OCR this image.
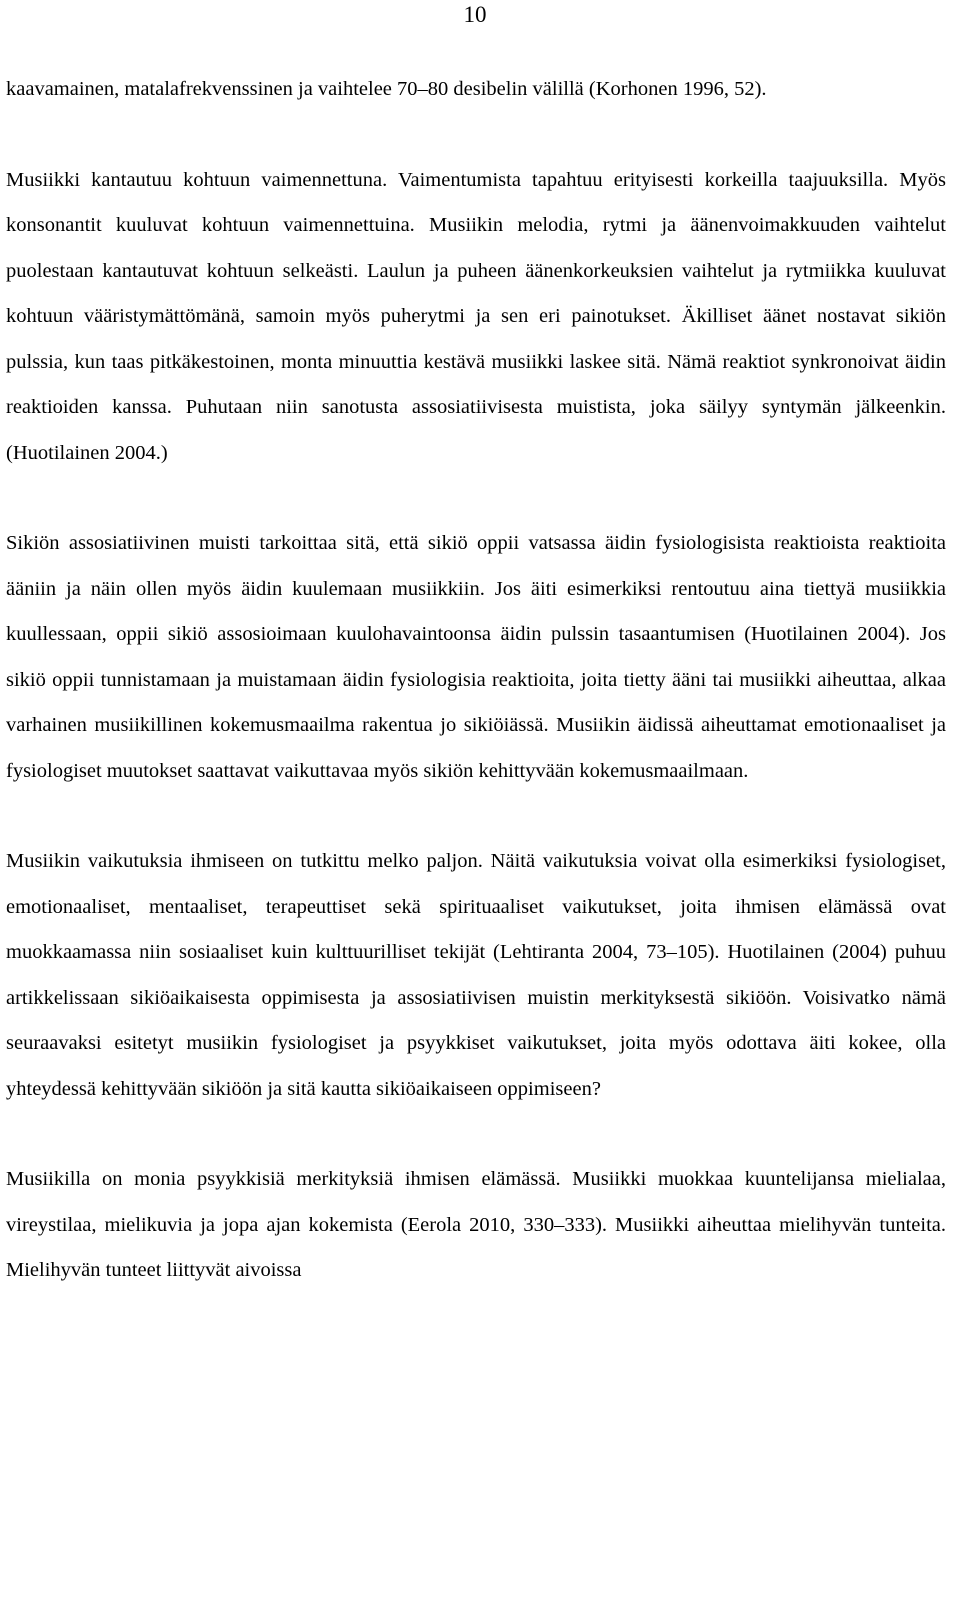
10

kaavamainen, matalafrekvenssinen ja vaihtelee 70–80 desibelin välillä (Korhonen 1996, 52).

Musiikki kantautuu kohtuun vaimennettuna. Vaimentumista tapahtuu erityisesti korkeilla taajuuksilla. Myös konsonantit kuuluvat kohtuun vaimennettuina. Musiikin melodia, rytmi ja äänenvoimakkuuden vaihtelut puolestaan kantautuvat kohtuun selkeästi. Laulun ja puheen äänenkorkeuksien vaihtelut ja rytmiikka kuuluvat kohtuun vääristymättömänä, samoin myös puherytmi ja sen eri painotukset. Äkilliset äänet nostavat sikiön pulssia, kun taas pitkäkestoinen, monta minuuttia kestävä musiikki laskee sitä. Nämä reaktiot synkronoivat äidin reaktioiden kanssa. Puhutaan niin sanotusta assosiatiivisesta muistista, joka säilyy syntymän jälkeenkin. (Huotilainen 2004.)

Sikiön assosiatiivinen muisti tarkoittaa sitä, että sikiö oppii vatsassa äidin fysiologisista reaktioista reaktioita ääniin ja näin ollen myös äidin kuulemaan musiikkiin. Jos äiti esimerkiksi rentoutuu aina tiettyä musiikkia kuullessaan, oppii sikiö assosioimaan kuulohavaintoonsa äidin pulssin tasaantumisen (Huotilainen 2004). Jos sikiö oppii tunnistamaan ja muistamaan äidin fysiologisia reaktioita, joita tietty ääni tai musiikki aiheuttaa, alkaa varhainen musiikillinen kokemusmaailma rakentua jo sikiöiässä. Musiikin äidissä aiheuttamat emotionaaliset ja fysiologiset muutokset saattavat vaikuttavaa myös sikiön kehittyvään kokemusmaailmaan.

Musiikin vaikutuksia ihmiseen on tutkittu melko paljon. Näitä vaikutuksia voivat olla esimerkiksi fysiologiset, emotionaaliset, mentaaliset, terapeuttiset sekä spirituaaliset vaikutukset, joita ihmisen elämässä ovat muokkaamassa niin sosiaaliset kuin kulttuurilliset tekijät (Lehtiranta 2004, 73–105). Huotilainen (2004) puhuu artikkelissaan sikiöaikaisesta oppimisesta ja assosiatiivisen muistin merkityksestä sikiöön. Voisivatko nämä seuraavaksi esitetyt musiikin fysiologiset ja psyykkiset vaikutukset, joita myös odottava äiti kokee, olla yhteydessä kehittyvään sikiöön ja sitä kautta sikiöaikaiseen oppimiseen?

Musiikilla on monia psyykkisiä merkityksiä ihmisen elämässä. Musiikki muokkaa kuuntelijansa mielialaa, vireystilaa, mielikuvia ja jopa ajan kokemista (Eerola 2010, 330–333). Musiikki aiheuttaa mielihyvän tunteita. Mielihyvän tunteet liittyvät aivoissa
